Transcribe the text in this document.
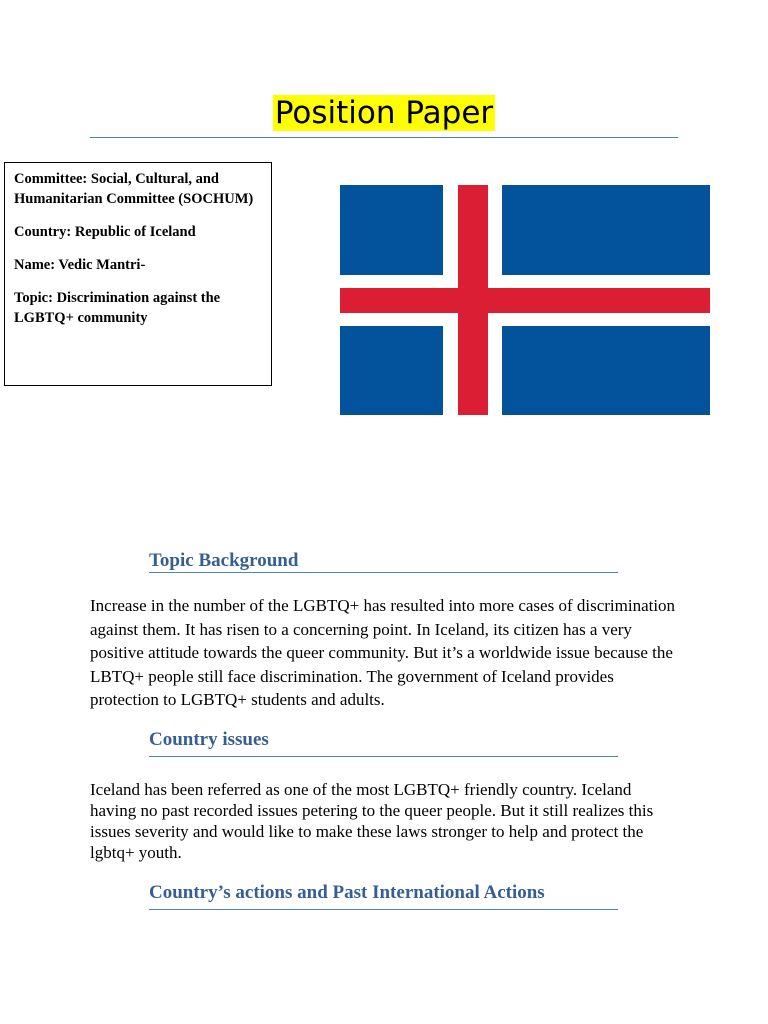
Position Paper

Committee: Social, Cultural, and Humanitarian Committee (SOCHUM)

Country: Republic of Iceland

Name: Vedic Mantri-

Topic: Discrimination against the LGBTQ+ community

Topic Background

Increase in the number of the LGBTQ+ has resulted into more cases of discrimination against them. It has risen to a concerning point. In Iceland, its citizen has a very positive attitude towards the queer community. But it’s a worldwide issue because the LBTQ+ people still face discrimination. The government of Iceland provides protection to LGBTQ+ students and adults.

Country issues

Iceland has been referred as one of the most LGBTQ+ friendly country. Iceland having no past recorded issues petering to the queer people. But it still realizes this issues severity and would like to make these laws stronger to help and protect the lgbtq+ youth.

Country’s actions and Past International Actions
